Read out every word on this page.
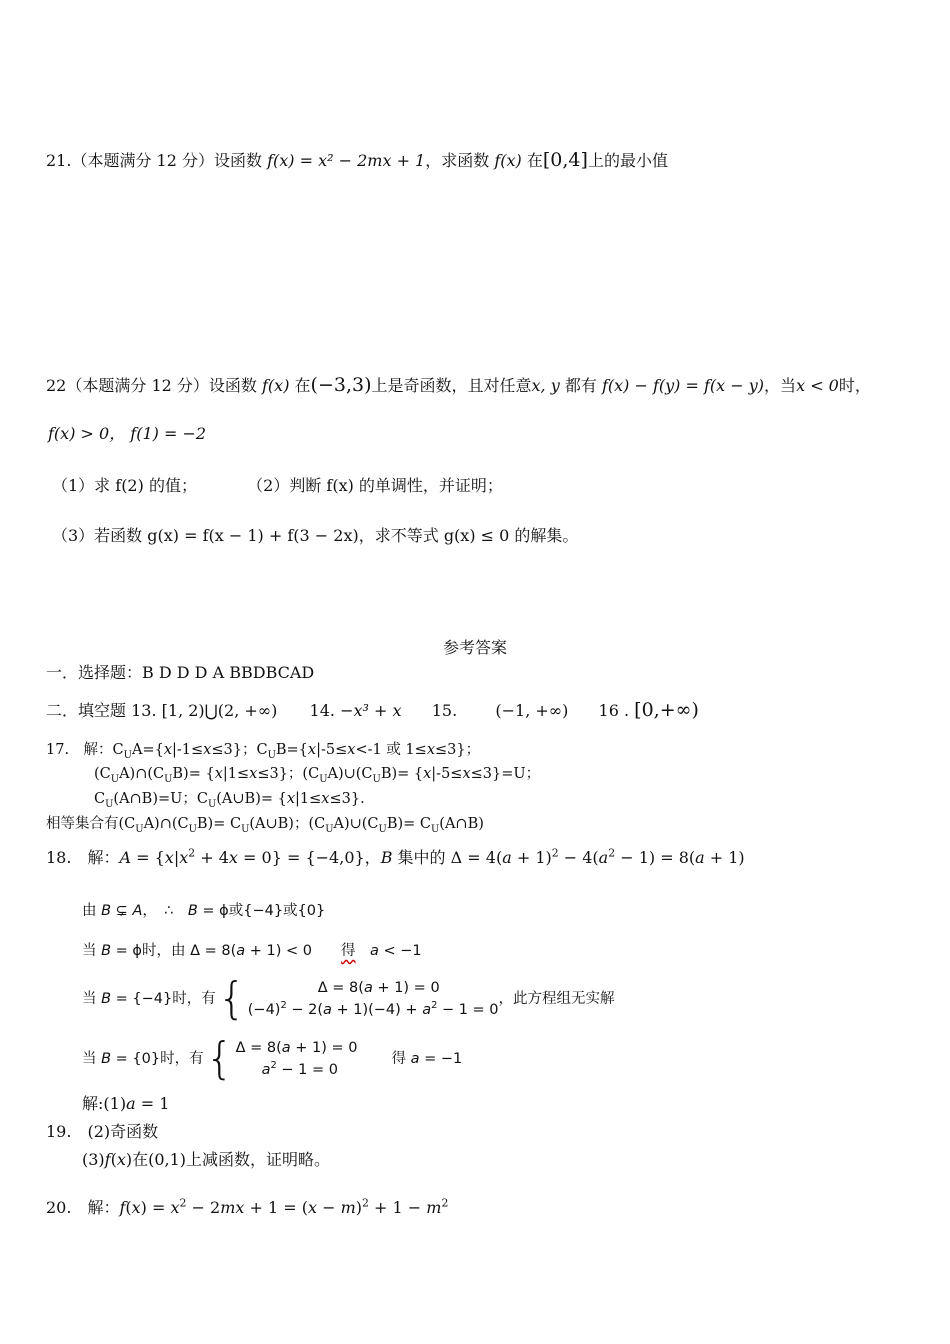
21.（本题满分 12 分）设函数 f(x) = x² − 2mx + 1，求函数 f(x) 在[0,4]上的最小值
22（本题满分 12 分）设函数 f(x) 在(−3,3)上是奇函数，且对任意x, y 都有 f(x) − f(y) = f(x − y)，当x < 0时，
f(x) > 0， f(1) = −2
（1）求 f(2) 的值；	（2）判断 f(x) 的单调性，并证明；
（3）若函数 g(x) = f(x − 1) + f(3 − 2x)，求不等式 g(x) ≤ 0 的解集。
参考答案
一．选择题：B D D D A BBDBCAD
二．填空题 13. [1, 2)⋃(2, +∞) 14. −x³ + x 15. (−1, +∞) 16 . [0,+∞)
17.　解：$C_UA=\{x|-1\le x\le 3\}$；$C_UB=\{x|-5\le x<-1$ 或 1≤x≤3}；
$(C_UA)\cap(C_UB)= \{x|1\le x\le 3\}$；$(C_UA)\cup(C_UB)= \{x|-5\le x\le 3\}=U$；
$C_U(A\cap B)=U$；$C_U(A\cup B)= \{x|1\le x\le 3\}$.
相等集合有$(C_UA)\cap(C_UB)=$ $C_U(A\cup B)$；$(C_UA)\cup(C_UB)=$ $C_U(A\cap B)$
18.　解：$A = \{x|x^2 + 4x = 0\} = \{-4,0\}$，B 集中的 $\Delta = 4(a + 1)^2 - 4(a^2 - 1) = 8(a + 1)$
由 B ⊊ A，　∴　B = ϕ或{−4}或{0}
当 B = ϕ时，由 Δ = 8(a + 1) < 0　　得　 a < −1
当 B = {−4}时，有{	Δ = 8(a + 1) = 0
$(-4)^2 - 2(a + 1)(-4) + a^2 - 1 = 0$，此方程组无实解
当 B = {0}时，有{ Δ = 8(a + 1) = 0
$a^2 - 1 = 0$得 a = −1
解:(1)a = 1
19.　(2)奇函数
(3)f(x)在(0,1)上减函数，证明略。
20.　解：$f(x) = x^2 - 2mx + 1 = (x - m)^2 + 1 - m^2$
